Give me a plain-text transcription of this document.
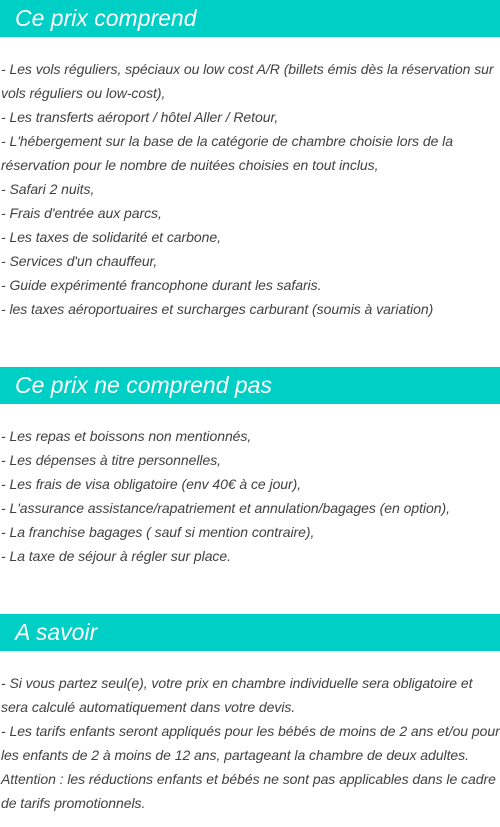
Ce prix comprend

- Les vols réguliers, spéciaux ou low cost A/R (billets émis dès la réservation sur

vols réguliers ou low-cost),

- Les transferts aéroport / hôtel Aller / Retour,

- L'hébergement sur la base de la catégorie de chambre choisie lors de la

réservation pour le nombre de nuitées choisies en tout inclus,

- Safari 2 nuits,

- Frais d'entrée aux parcs,

- Les taxes de solidarité et carbone,

- Services d'un chauffeur,

- Guide expérimenté francophone durant les safaris.

- les taxes aéroportuaires et surcharges carburant (soumis à variation)

Ce prix ne comprend pas

- Les repas et boissons non mentionnés,

- Les dépenses à titre personnelles,

- Les frais de visa obligatoire (env 40€ à ce jour),

- L'assurance assistance/rapatriement et annulation/bagages (en option),

- La franchise bagages ( sauf si mention contraire),

- La taxe de séjour à régler sur place.

A savoir

- Si vous partez seul(e), votre prix en chambre individuelle sera obligatoire et

sera calculé automatiquement dans votre devis.

- Les tarifs enfants seront appliqués pour les bébés de moins de 2 ans et/ou pour

les enfants de 2 à moins de 12 ans, partageant la chambre de deux adultes.

Attention : les réductions enfants et bébés ne sont pas applicables dans le cadre

de tarifs promotionnels.
